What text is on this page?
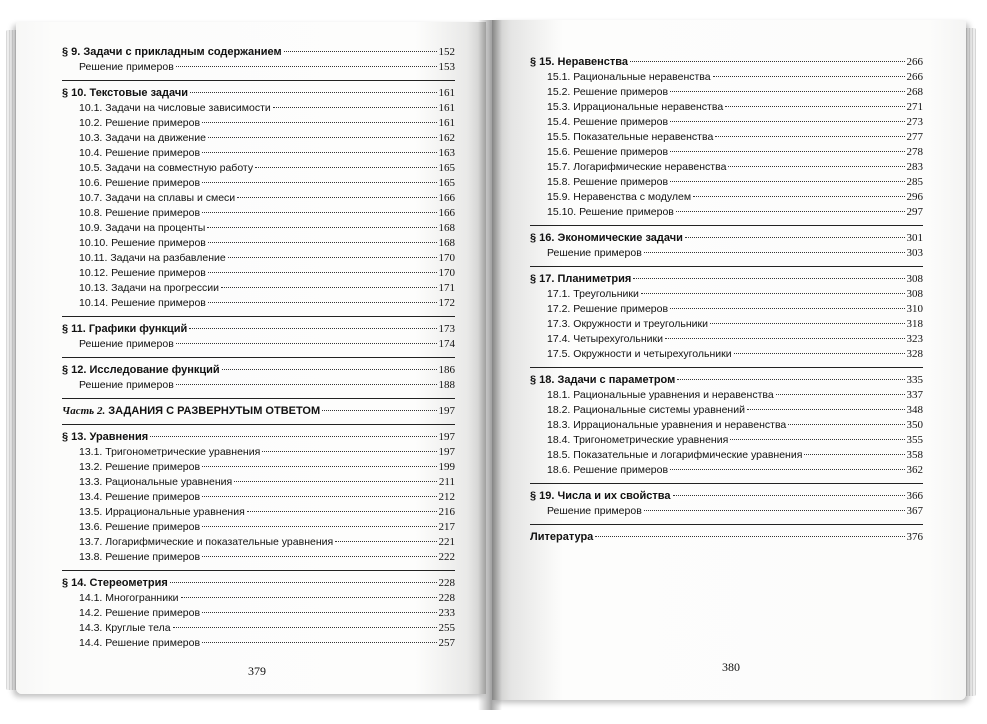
§ 9. Задачи с прикладным содержанием	152
Решение примеров	153
§ 10. Текстовые задачи	161
10.1. Задачи на числовые зависимости	161
10.2. Решение примеров	161
10.3. Задачи на движение	162
10.4. Решение примеров	163
10.5. Задачи на совместную работу	165
10.6. Решение примеров	165
10.7. Задачи на сплавы и смеси	166
10.8. Решение примеров	166
10.9. Задачи на проценты	168
10.10. Решение примеров	168
10.11. Задачи на разбавление	170
10.12. Решение примеров	170
10.13. Задачи на прогрессии	171
10.14. Решение примеров	172
§ 11. Графики функций	173
Решение примеров	174
§ 12. Исследование функций	186
Решение примеров	188
Часть 2. ЗАДАНИЯ С РАЗВЕРНУТЫМ ОТВЕТОМ	197
§ 13. Уравнения	197
13.1. Тригонометрические уравнения	197
13.2. Решение примеров	199
13.3. Рациональные уравнения	211
13.4. Решение примеров	212
13.5. Иррациональные уравнения	216
13.6. Решение примеров	217
13.7. Логарифмические и показательные уравнения	221
13.8. Решение примеров	222
§ 14. Стереометрия	228
14.1. Многогранники	228
14.2. Решение примеров	233
14.3. Круглые тела	255
14.4. Решение примеров	257
§ 15. Неравенства	266
15.1. Рациональные неравенства	266
15.2. Решение примеров	268
15.3. Иррациональные неравенства	271
15.4. Решение примеров	273
15.5. Показательные неравенства	277
15.6. Решение примеров	278
15.7. Логарифмические неравенства	283
15.8. Решение примеров	285
15.9. Неравенства с модулем	296
15.10. Решение примеров	297
§ 16. Экономические задачи	301
Решение примеров	303
§ 17. Планиметрия	308
17.1. Треугольники	308
17.2. Решение примеров	310
17.3. Окружности и треугольники	318
17.4. Четырехугольники	323
17.5. Окружности и четырехугольники	328
§ 18. Задачи с параметром	335
18.1. Рациональные уравнения и неравенства	337
18.2. Рациональные системы уравнений	348
18.3. Иррациональные уравнения и неравенства	350
18.4. Тригонометрические уравнения	355
18.5. Показательные и логарифмические уравнения	358
18.6. Решение примеров	362
§ 19. Числа и их свойства	366
Решение примеров	367
Литература	376
379	380
